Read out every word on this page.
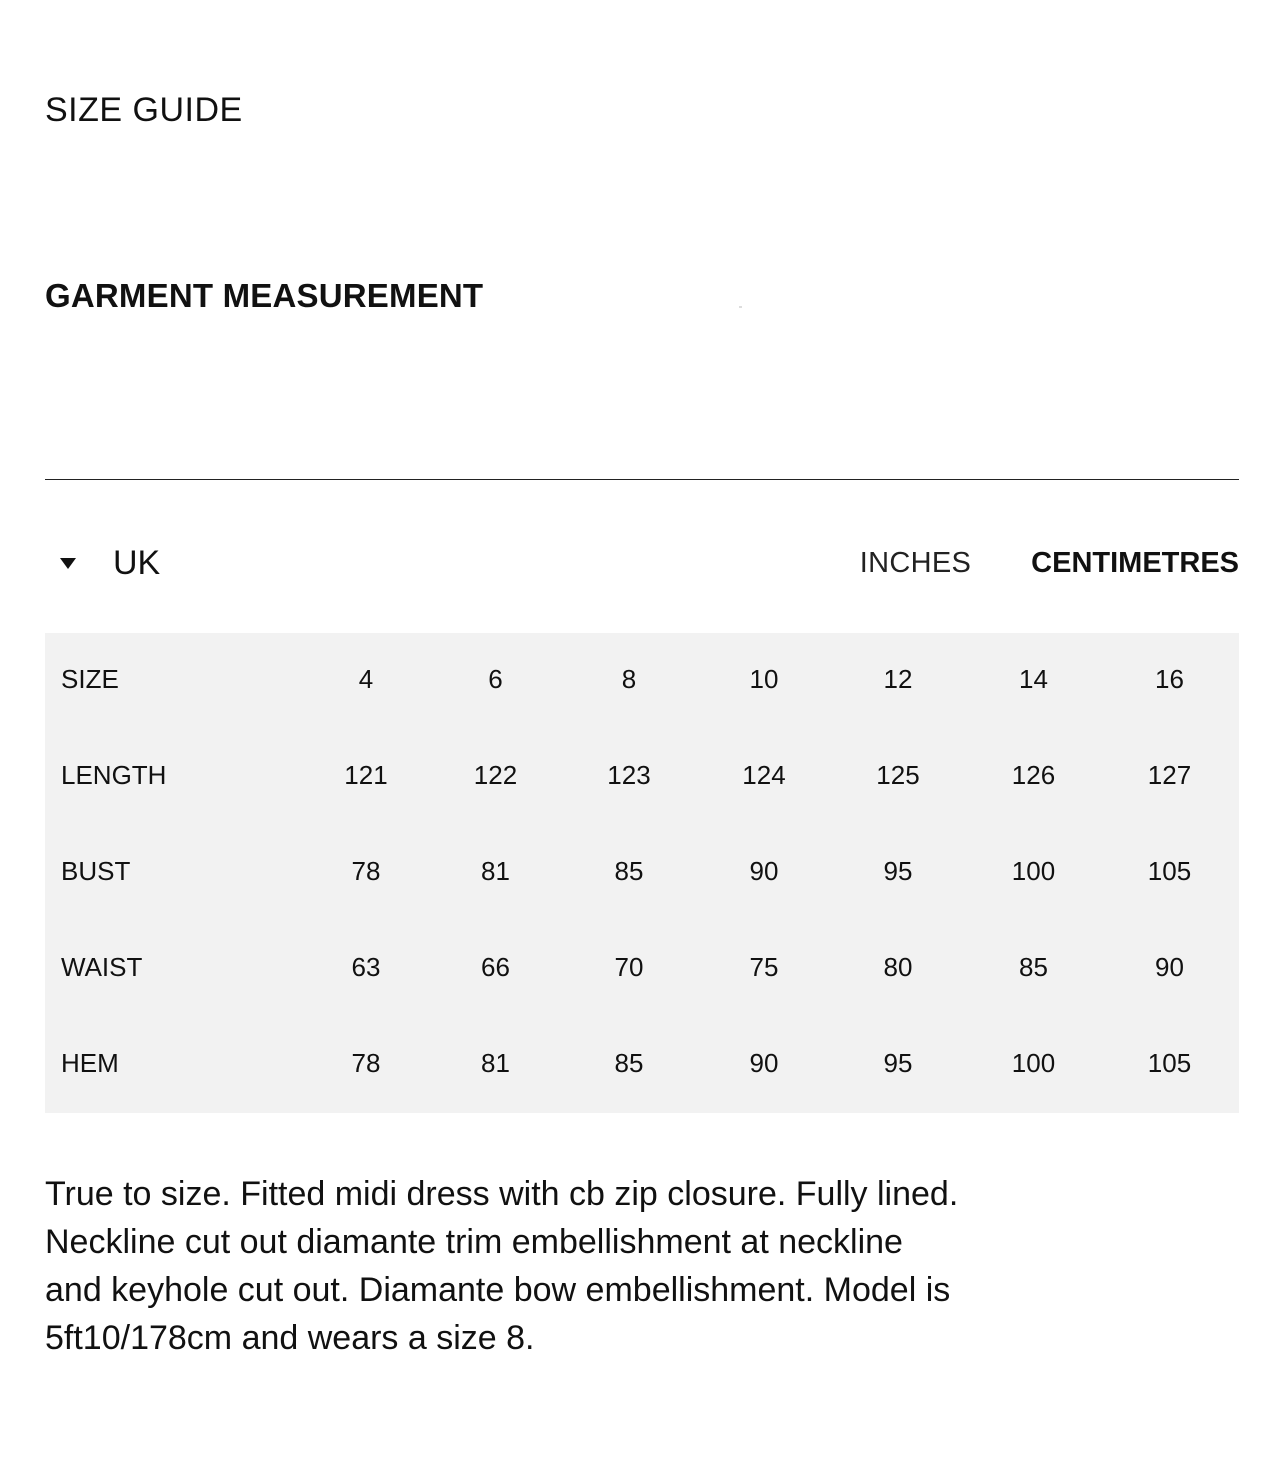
SIZE GUIDE
GARMENT MEASUREMENT
UK	INCHES CENTIMETRES
SIZE	4	6	8	10	12	14	16
LENGTH	121	122	123	124	125	126	127
BUST	78	81	85	90	95	100	105
WAIST	63	66	70	75	80	85	90
HEM	78	81	85	90	95	100	105
True to size. Fitted midi dress with cb zip closure. Fully lined.
Neckline cut out diamante trim embellishment at neckline
and keyhole cut out. Diamante bow embellishment. Model is
5ft10/178cm and wears a size 8.
